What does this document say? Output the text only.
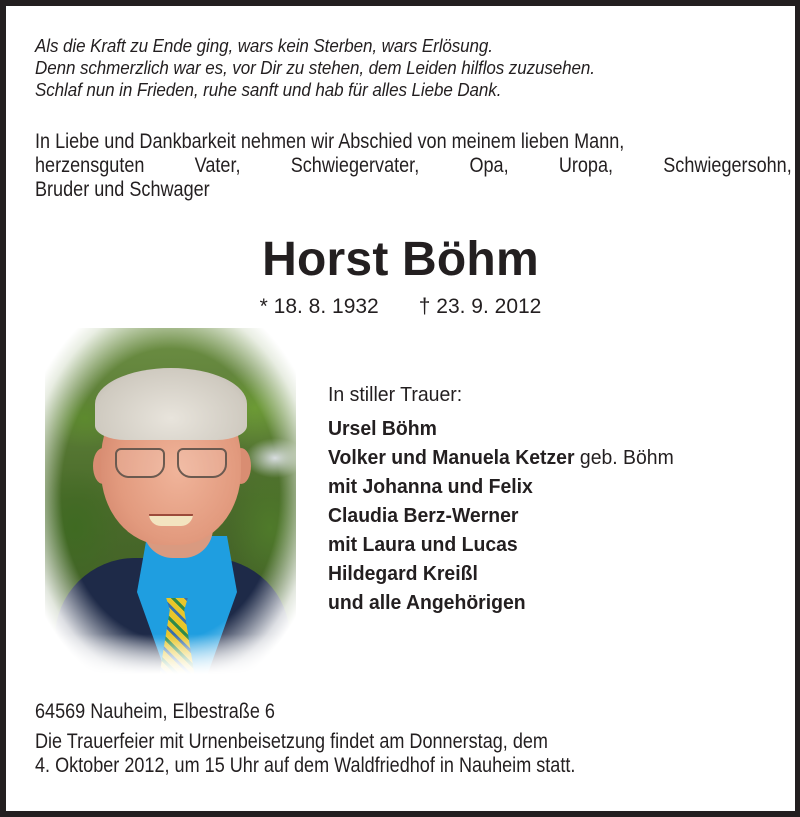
Als die Kraft zu Ende ging, wars kein Sterben, wars Erlösung.
Denn schmerzlich war es, vor Dir zu stehen, dem Leiden hilflos zuzusehen.
Schlaf nun in Frieden, ruhe sanft und hab für alles Liebe Dank.
In Liebe und Dankbarkeit nehmen wir Abschied von meinem lieben Mann,
herzensguten Vater, Schwiegervater, Opa, Uropa, Schwiegersohn,
Bruder und Schwager
Horst Böhm
* 18. 8. 1932 † 23. 9. 2012
In stiller Trauer:
Ursel Böhm
Volker und Manuela Ketzer geb. Böhm
mit Johanna und Felix
Claudia Berz-Werner
mit Laura und Lucas
Hildegard Kreißl
und alle Angehörigen
64569 Nauheim, Elbestraße 6
Die Trauerfeier mit Urnenbeisetzung findet am Donnerstag, dem
4. Oktober 2012, um 15 Uhr auf dem Waldfriedhof in Nauheim statt.
